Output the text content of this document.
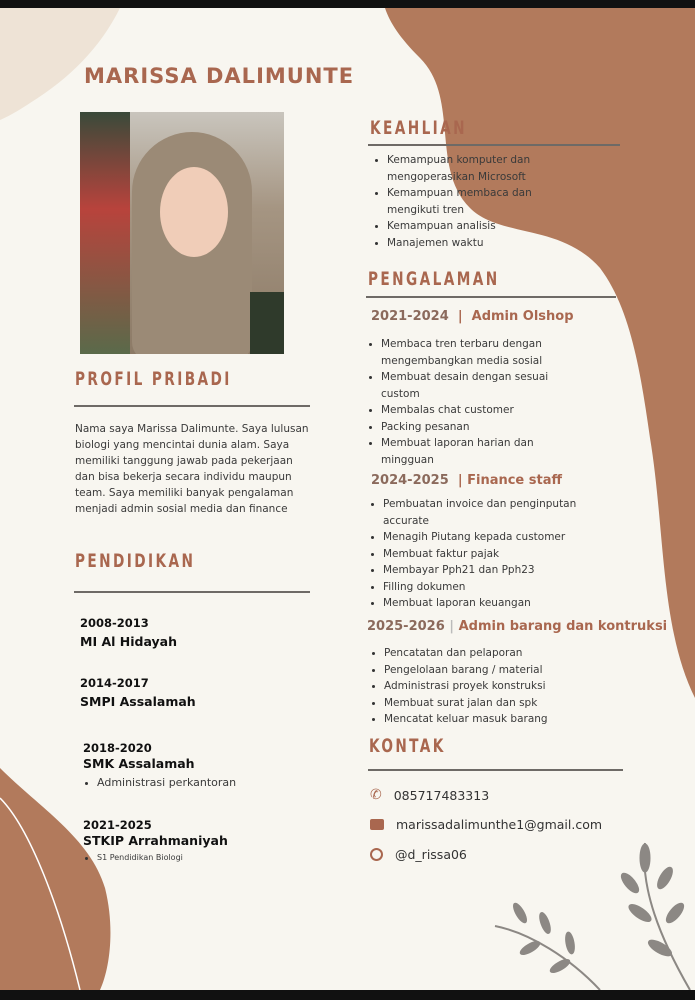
MARISSA DALIMUNTE
PROFIL PRIBADI

Nama saya Marissa Dalimunte. Saya lulusan biologi yang mencintai dunia alam. Saya memiliki tanggung jawab pada pekerjaan dan bisa bekerja secara individu maupun team. Saya memiliki banyak pengalaman menjadi admin sosial media dan finance

PENDIDIKAN
2008-2013
MI Al Hidayah
2014-2017
SMPI Assalamah
2018-2020
SMK Assalamah
Administrasi perkantoran
2021-2025
STKIP Arrahmaniyah
S1 Pendidikan Biologi
KEAHLIAN
Kemampuan komputer dan mengoperasikan Microsoft
Kemampuan membaca dan mengikuti tren
Kemampuan analisis
Manajemen waktu
PENGALAMAN
2021-2024 | Admin Olshop
Membaca tren terbaru dengan mengembangkan media sosial
Membuat desain dengan sesuai custom
Membalas chat customer
Packing pesanan
Membuat laporan harian dan mingguan
2024-2025 | Finance staff
Pembuatan invoice dan penginputan accurate
Menagih Piutang kepada customer
Membuat faktur pajak
Membayar Pph21 dan Pph23
Filling dokumen
Membuat laporan keuangan
2025-2026 | Admin barang dan kontruksi
Pencatatan dan pelaporan
Pengelolaan barang / material
Administrasi proyek konstruksi
Membuat surat jalan dan spk
Mencatat keluar masuk barang
KONTAK
✆ 085717483313
marissadalimunthe1@gmail.com
@d_rissa06
